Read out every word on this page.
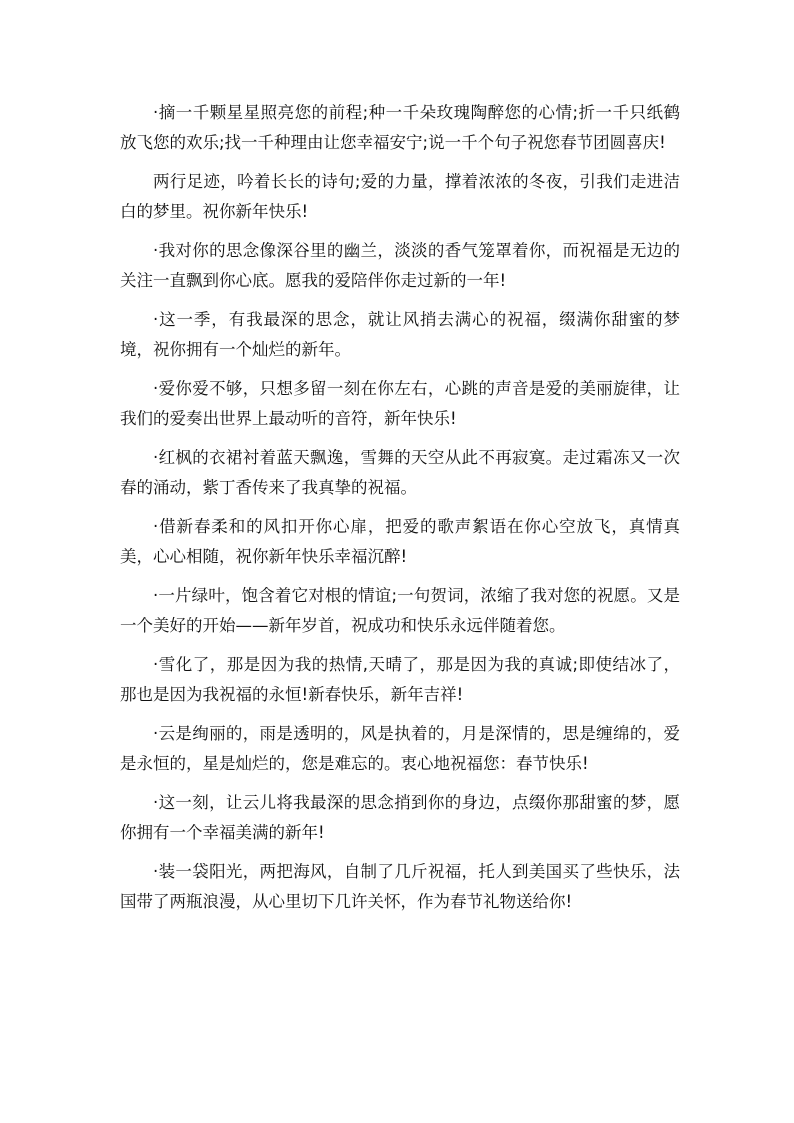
·摘一千颗星星照亮您的前程;种一千朵玫瑰陶醉您的心情;折一千只纸鹤放飞您的欢乐;找一千种理由让您幸福安宁;说一千个句子祝您春节团圆喜庆!

两行足迹，吟着长长的诗句;爱的力量，撑着浓浓的冬夜，引我们走进洁白的梦里。祝你新年快乐!

·我对你的思念像深谷里的幽兰，淡淡的香气笼罩着你，而祝福是无边的关注一直飘到你心底。愿我的爱陪伴你走过新的一年!

·这一季，有我最深的思念，就让风捎去满心的祝福，缀满你甜蜜的梦境，祝你拥有一个灿烂的新年。

·爱你爱不够，只想多留一刻在你左右，心跳的声音是爱的美丽旋律，让我们的爱奏出世界上最动听的音符，新年快乐!

·红枫的衣裙衬着蓝天飘逸，雪舞的天空从此不再寂寞。走过霜冻又一次春的涌动，紫丁香传来了我真挚的祝福。

·借新春柔和的风扣开你心扉，把爱的歌声絮语在你心空放飞，真情真美，心心相随，祝你新年快乐幸福沉醉!

·一片绿叶，饱含着它对根的情谊;一句贺词，浓缩了我对您的祝愿。又是一个美好的开始——新年岁首，祝成功和快乐永远伴随着您。

·雪化了，那是因为我的热情,天晴了，那是因为我的真诚;即使结冰了，那也是因为我祝福的永恒!新春快乐，新年吉祥!

·云是绚丽的，雨是透明的，风是执着的，月是深情的，思是缠绵的，爱是永恒的，星是灿烂的，您是难忘的。衷心地祝福您：春节快乐!

·这一刻，让云儿将我最深的思念捎到你的身边，点缀你那甜蜜的梦，愿你拥有一个幸福美满的新年!

·装一袋阳光，两把海风，自制了几斤祝福，托人到美国买了些快乐，法国带了两瓶浪漫，从心里切下几许关怀，作为春节礼物送给你!
